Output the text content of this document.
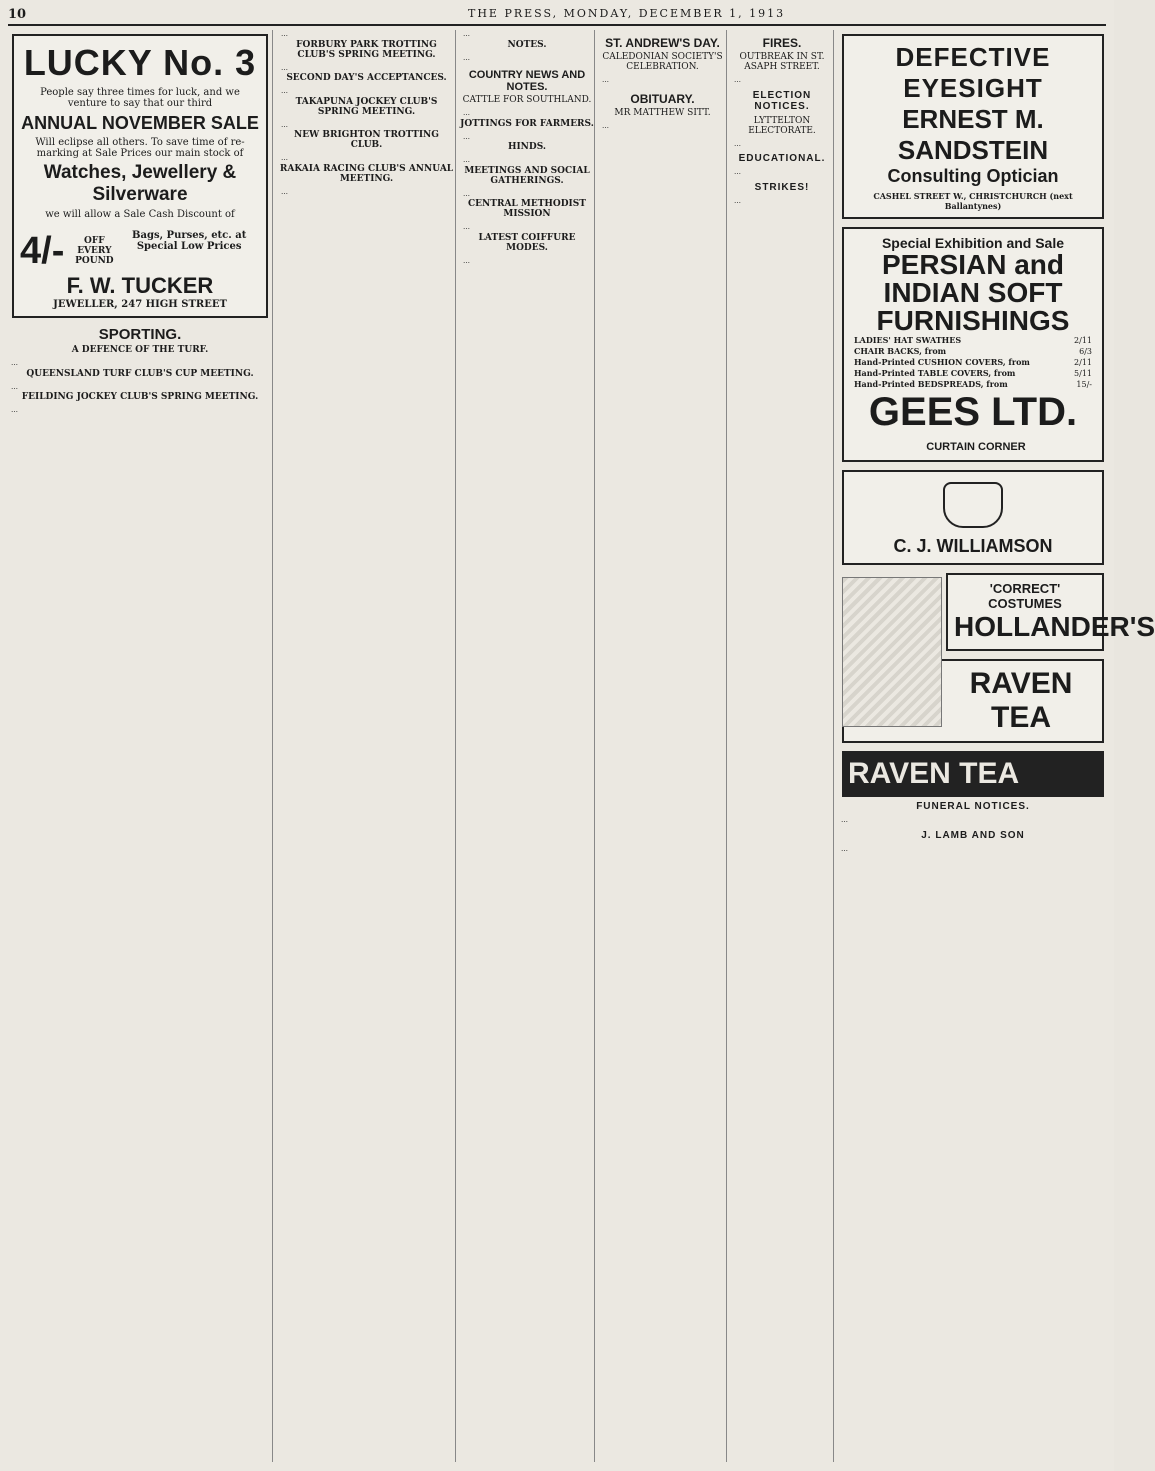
10	THE PRESS, MONDAY, DECEMBER 1, 1913
LUCKY No. 3
People say three times for luck, and we venture to say that our third
ANNUAL NOVEMBER SALE
Will eclipse all others. To save time of re-marking at Sale Prices our main stock of
Watches, Jewellery & Silverware
we will allow a Sale Cash Discount of
4/-	OFF EVERY POUND
Bags, Purses, etc. at Special Low Prices
F. W. TUCKER
JEWELLER, 247 HIGH STREET
SPORTING.
A DEFENCE OF THE TURF.
…
QUEENSLAND TURF CLUB'S CUP MEETING.
…
FEILDING JOCKEY CLUB'S SPRING MEETING.
…
…
FORBURY PARK TROTTING CLUB'S SPRING MEETING.
…
SECOND DAY'S ACCEPTANCES.
…
TAKAPUNA JOCKEY CLUB'S SPRING MEETING.
…
NEW BRIGHTON TROTTING CLUB.
…
RAKAIA RACING CLUB'S ANNUAL MEETING.
…
…
NOTES.
…
COUNTRY NEWS AND NOTES.
CATTLE FOR SOUTHLAND.
…
JOTTINGS FOR FARMERS.
…
HINDS.
…
MEETINGS AND SOCIAL GATHERINGS.
…
CENTRAL METHODIST MISSION
…
LATEST COIFFURE MODES.
…
ST. ANDREW'S DAY.
CALEDONIAN SOCIETY'S CELEBRATION.
…
OBITUARY.
MR MATTHEW SITT.
…
FIRES.
OUTBREAK IN ST. ASAPH STREET.
…
ELECTION NOTICES.
LYTTELTON ELECTORATE.
…
EDUCATIONAL.
…
STRIKES!
…
DEFECTIVE EYESIGHT
ERNEST M. SANDSTEIN
Consulting Optician
CASHEL STREET W., CHRISTCHURCH (next Ballantynes)
Special Exhibition and Sale
PERSIAN and INDIAN SOFT FURNISHINGS
2/11
LADIES' HAT SWATHES
6/3
CHAIR BACKS, from
2/11
Hand-Printed CUSHION COVERS, from
5/11
Hand-Printed TABLE COVERS, from
15/-
Hand-Printed BEDSPREADS, from
GEES LTD. CURTAIN CORNER
C. J. WILLIAMSON
'CORRECT' COSTUMES
HOLLANDER'S
RAVEN TEA
RAVEN TEA
FUNERAL NOTICES.
…
J. LAMB AND SON
…
